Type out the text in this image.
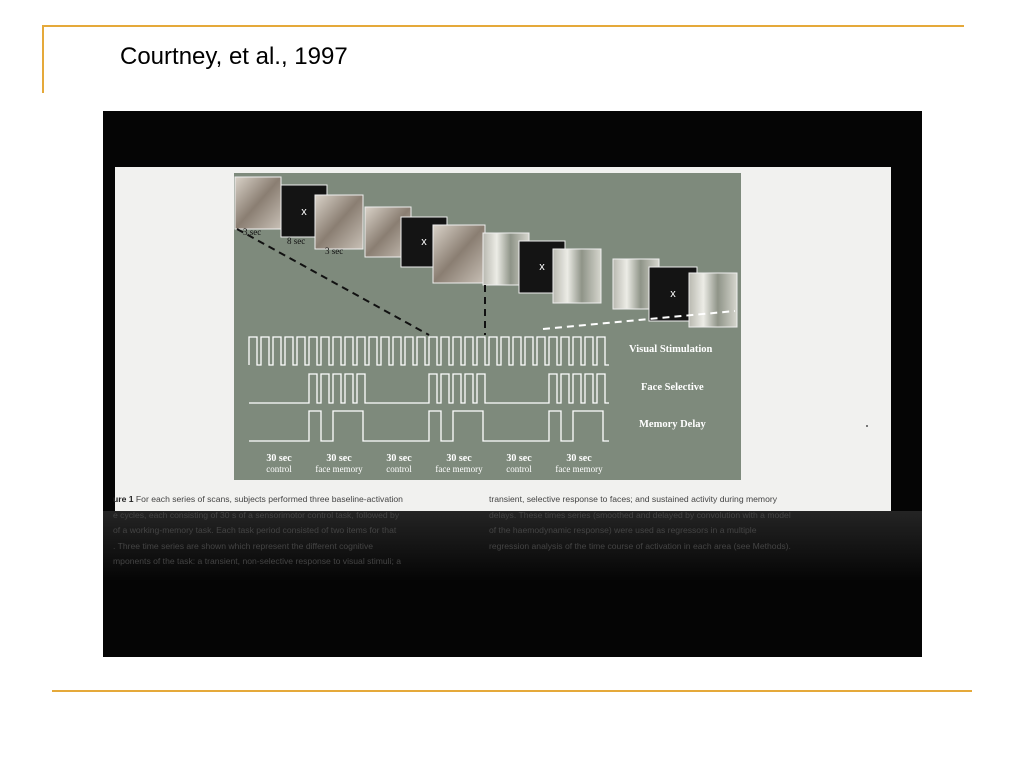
Courtney, et al., 1997
x
x
x
x
3 sec
8 sec
3 sec
Visual Stimulation
Face Selective
Memory Delay
30 sec
control
30 sec
face memory
30 sec
control
30 sec
face memory
30 sec
control
30 sec
face memory
ure 1 For each series of scans, subjects performed three baseline-activation
e cycles, each consisting of 30 s of a sensorimotor control task, followed by
of a working-memory task. Each task period consisted of two items for that
. Three time series are shown which represent the different cognitive
mponents of the task: a transient, non-selective response to visual stimuli; a
transient, selective response to faces; and sustained activity during memory
delays. These times series (smoothed and delayed by convolution with a model
of the haemodynamic response) were used as regressors in a multiple
regression analysis of the time course of activation in each area (see Methods).
